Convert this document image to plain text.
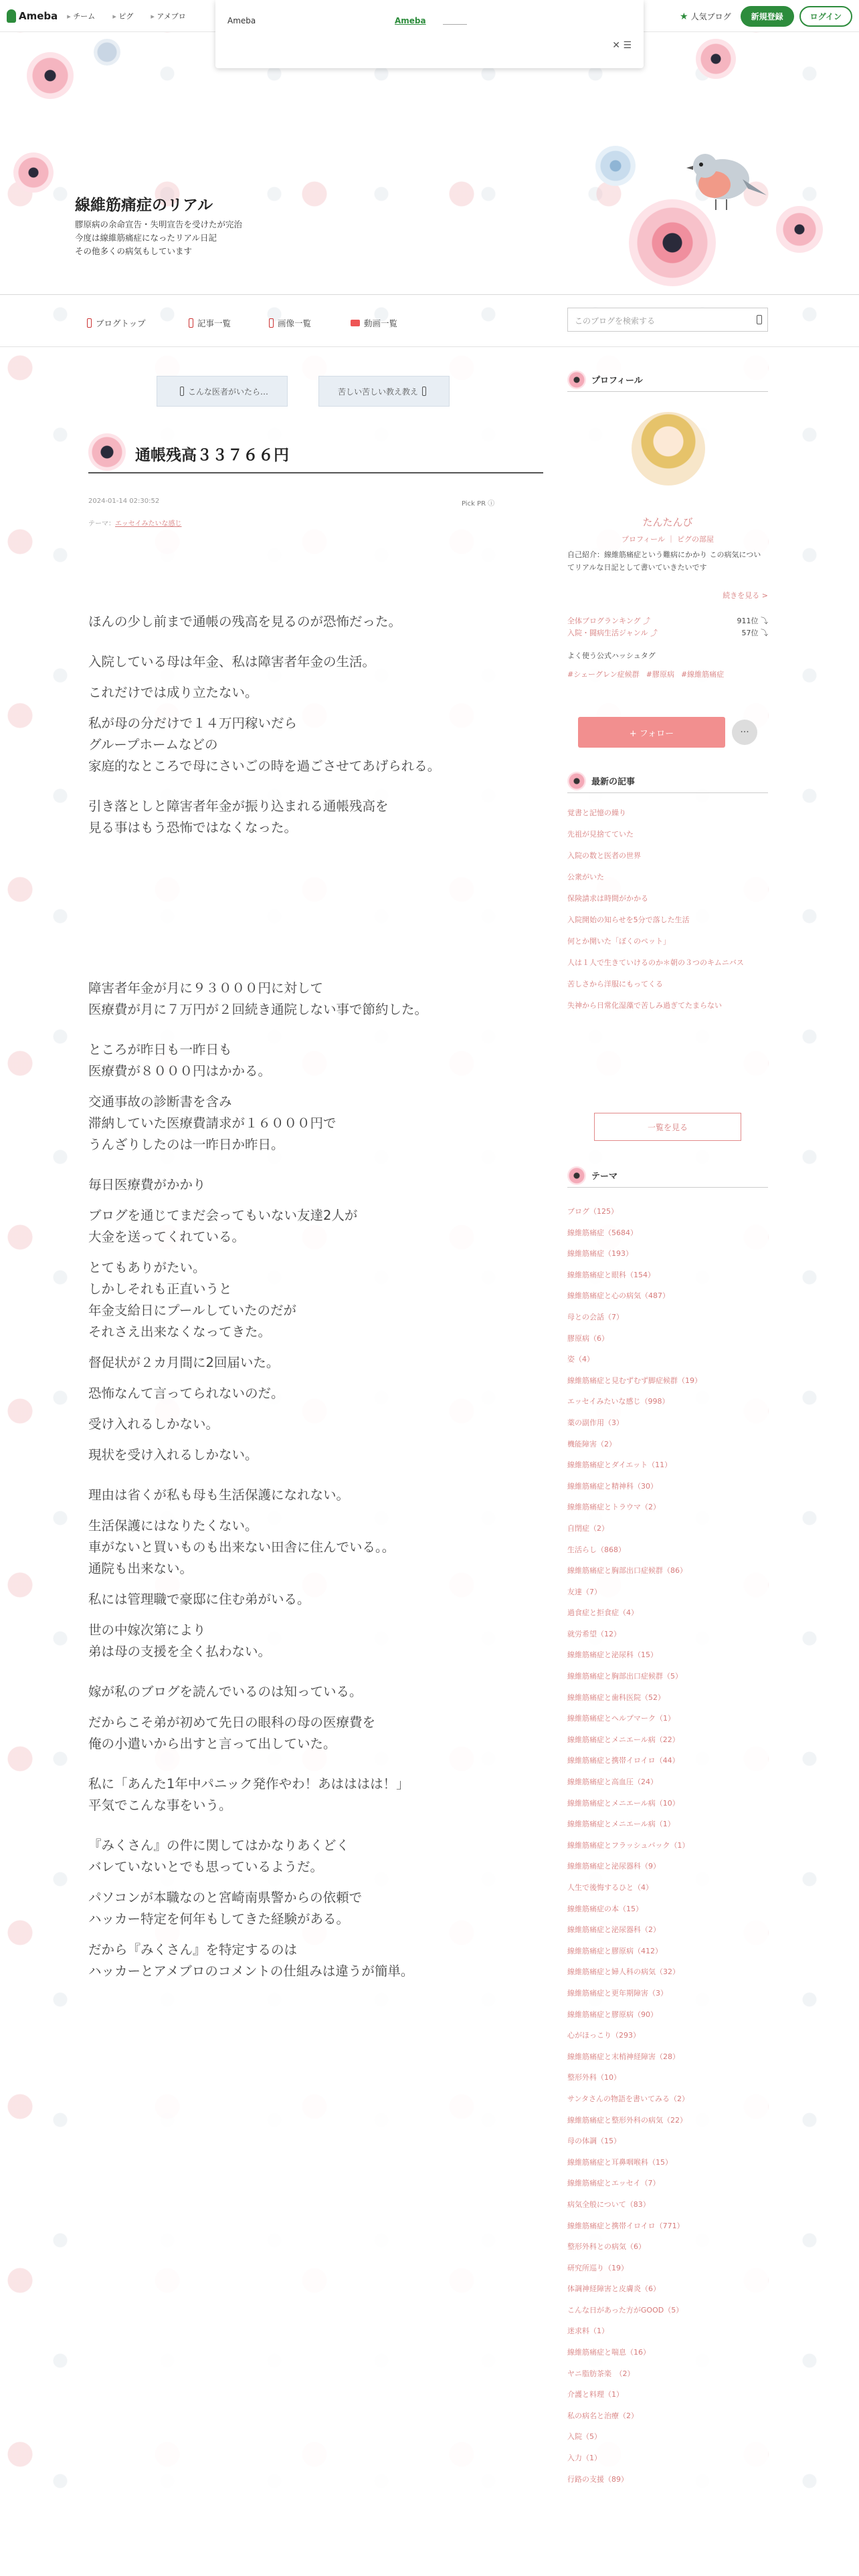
Ameba	▸ チーム	▸ ピグ	▸ アメブロ	★ 人気ブログ	新規登録	ログイン
Ameba	Ameba
✕ ☰
線維筋痛症のリアル
膠原病の余命宣告・失明宣告を受けたが完治
今度は線維筋痛症になったリアル日記
その他多くの病気もしています
ブログトップ	記事一覧	画像一覧	動画一覧	このブログを検索する
こんな医者がいたら…	苦しい苦しい教え教え
通帳残高３３７６６円
2024-01-14 02:30:52	Pick PR ⓘ
テーマ：エッセイみたいな感じ
ほんの少し前まで通帳の残高を見るのが恐怖だった。
入院している母は年金、私は障害者年金の生活。
これだけでは成り立たない。
私が母の分だけで１４万円稼いだら
グループホームなどの
家庭的なところで母にさいごの時を過ごさせてあげられる。
引き落としと障害者年金が振り込まれる通帳残高を
見る事はもう恐怖ではなくなった。
障害者年金が月に９３０００円に対して
医療費が月に７万円が２回続き通院しない事で節約した。
ところが昨日も一昨日も
医療費が８０００円はかかる。
交通事故の診断書を含み
滞納していた医療費請求が１６０００円で
うんざりしたのは一昨日か昨日。
毎日医療費がかかり
ブログを通じてまだ会ってもいない友達2人が
大金を送ってくれている。
とてもありがたい。
しかしそれも正直いうと
年金支給日にプールしていたのだが
それさえ出来なくなってきた。
督促状が２カ月間に2回届いた。
恐怖なんて言ってられないのだ。
受け入れるしかない。
現状を受け入れるしかない。
理由は省くが私も母も生活保護になれない。
生活保護にはなりたくない。
車がないと買いものも出来ない田舎に住んでいる。。
通院も出来ない。
私には管理職で豪邸に住む弟がいる。
世の中嫁次第により
弟は母の支援を全く払わない。
嫁が私のブログを読んでいるのは知っている。
だからこそ弟が初めて先日の眼科の母の医療費を
俺の小遣いから出すと言って出していた。
私に「あんた1年中パニック発作やわ！あはははは！」
平気でこんな事をいう。
『みくさん』の件に関してはかなりあくどく
バレていないとでも思っているようだ。
パソコンが本職なのと宮崎南県警からの依頼で
ハッカー特定を何年もしてきた経験がある。
だから『みくさん』を特定するのは
ハッカーとアメブロのコメントの仕組みは違うが簡単。
プロフィール
たんたんび
プロフィール ｜ ピグの部屋
自己紹介：線維筋痛症という難病にかかり この病気についてリアルな日記として書いていきたいです
続きを見る >
全体ブログランキング ⤴	911位 ⤵
入院・闘病生活ジャンル ⤴	57位 ⤵
よく使う公式ハッシュタグ
#シェーグレン症候群 #膠原病 #線維筋痛症
+ フォロー	···
最新の記事
覚書と記憶の繰り
先祖が見捨てていた
入院の数と医者の世界
公衆がいた
保険請求は時間がかかる
入院開始の知らせを5分で落した生活
何とか開いた「ぼくのペット」
人は１人で生きていけるのか＊朝の３つのキムニバス
苦しさから洋服にもってくる
失神から日常化湿藻で苦しみ過ぎてたまらない
一覧を見る
テーマ
ブログ（125）
線維筋痛症（5684）
線維筋痛症（193）
線維筋痛症と眼科（154）
線維筋痛症と心の病気（487）
母との会話（7）
膠原病（6）
姿（4）
線維筋痛症と見むずむず脚症候群（19）
エッセイみたいな感じ（998）
薬の副作用（3）
機能障害（2）
線維筋痛症とダイエット（11）
線維筋痛症と精神科（30）
線維筋痛症とトラウマ（2）
自閉症（2）
生活らし（868）
線維筋痛症と胸部出口症候群（86）
友達（7）
過食症と拒食症（4）
就労希望（12）
線維筋痛症と泌尿科（15）
線維筋痛症と胸部出口症候群（5）
線維筋痛症と歯科医院（52）
線維筋痛症とヘルプマーク（1）
線維筋痛症とメニエール病（22）
線維筋痛症と携帯イロイロ（44）
線維筋痛症と高血圧（24）
線維筋痛症とメニエール病（10）
線維筋痛症とメニエール病（1）
線維筋痛症とフラッシュバック（1）
線維筋痛症と泌尿器科（9）
人生で後悔するひと（4）
線維筋痛症の本（15）
線維筋痛症と泌尿器科（2）
線維筋痛症と膠原病（412）
線維筋痛症と婦人科の病気（32）
線維筋痛症と更年期障害（3）
線維筋痛症と膠原病（90）
心がほっこり（293）
線維筋痛症と末梢神経障害（28）
整形外科（10）
サンタさんの物語を書いてみる（2）
線維筋痛症と整形外科の病気（22）
母の体調（15）
線維筋痛症と耳鼻咽喉科（15）
線維筋痛症とエッセイ（7）
病気全般について（83）
線維筋痛症と携帯イロイロ（771）
整形外科との病気（6）
研究所巡り（19）
体調神経障害と皮膚炎（6）
こんな日があった方がGOOD（5）
迷求料（1）
線維筋痛症と喘息（16）
ヤニ脂肪茶楽　（2）
介護と料理（1）
私の病名と治療（2）
入院（5）
入力（1）
行路の支援（89）
